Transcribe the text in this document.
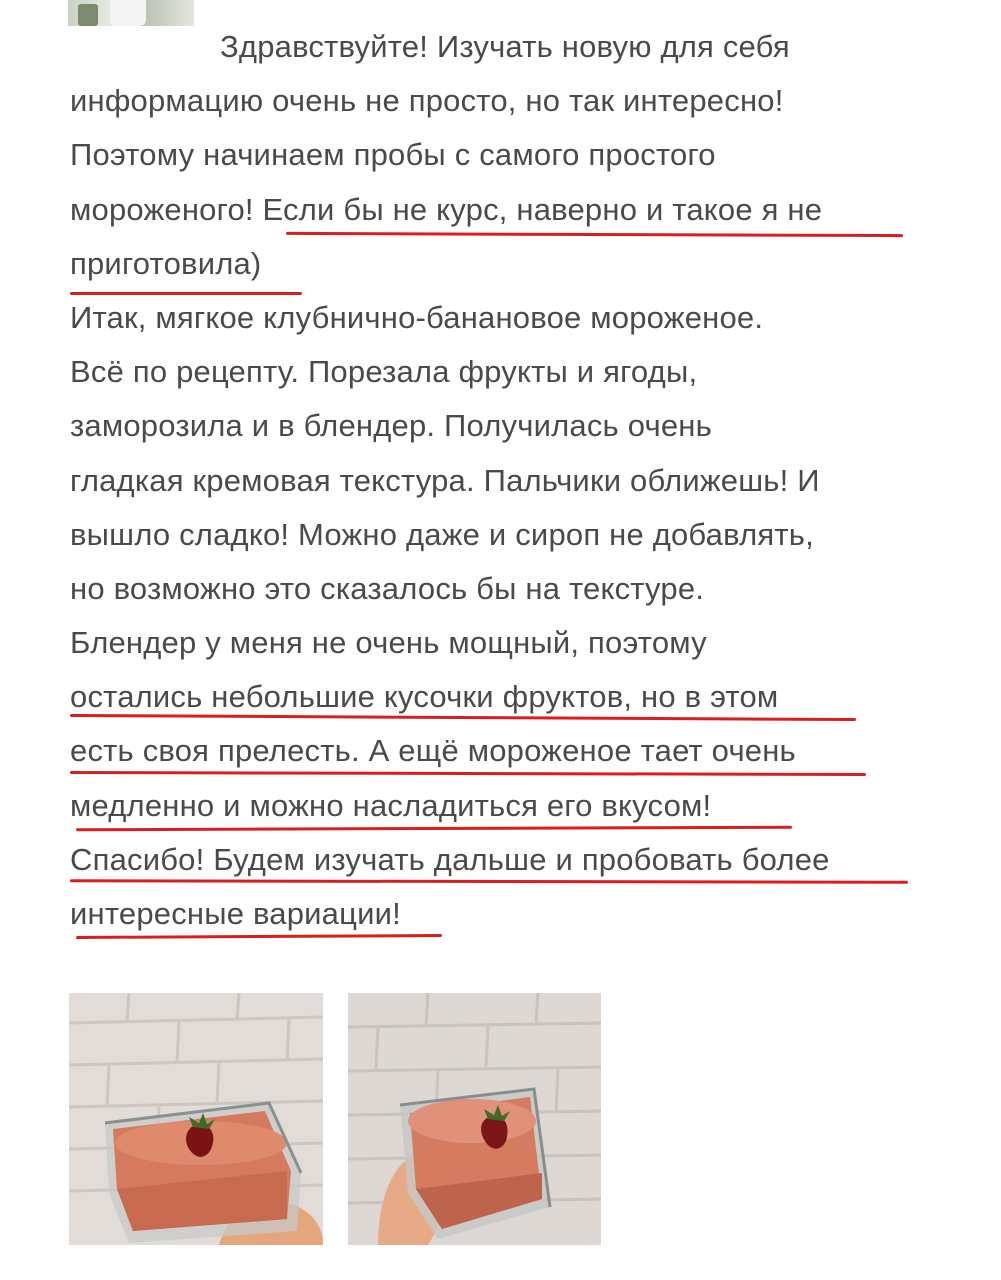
Здравствуйте! Изучать новую для себя
информацию очень не просто, но так интересно!
Поэтому начинаем пробы с самого простого
мороженого! Если бы не курс, наверно и такое я не
приготовила)
Итак, мягкое клубнично-банановое мороженое.
Всё по рецепту. Порезала фрукты и ягоды,
заморозила и в блендер. Получилась очень
гладкая кремовая текстура. Пальчики оближешь! И
вышло сладко! Можно даже и сироп не добавлять,
но возможно это сказалось бы на текстуре.
Блендер у меня не очень мощный, поэтому
остались небольшие кусочки фруктов, но в этом
есть своя прелесть. А ещё мороженое тает очень
медленно и можно насладиться его вкусом!
Спасибо! Будем изучать дальше и пробовать более
интересные вариации!
